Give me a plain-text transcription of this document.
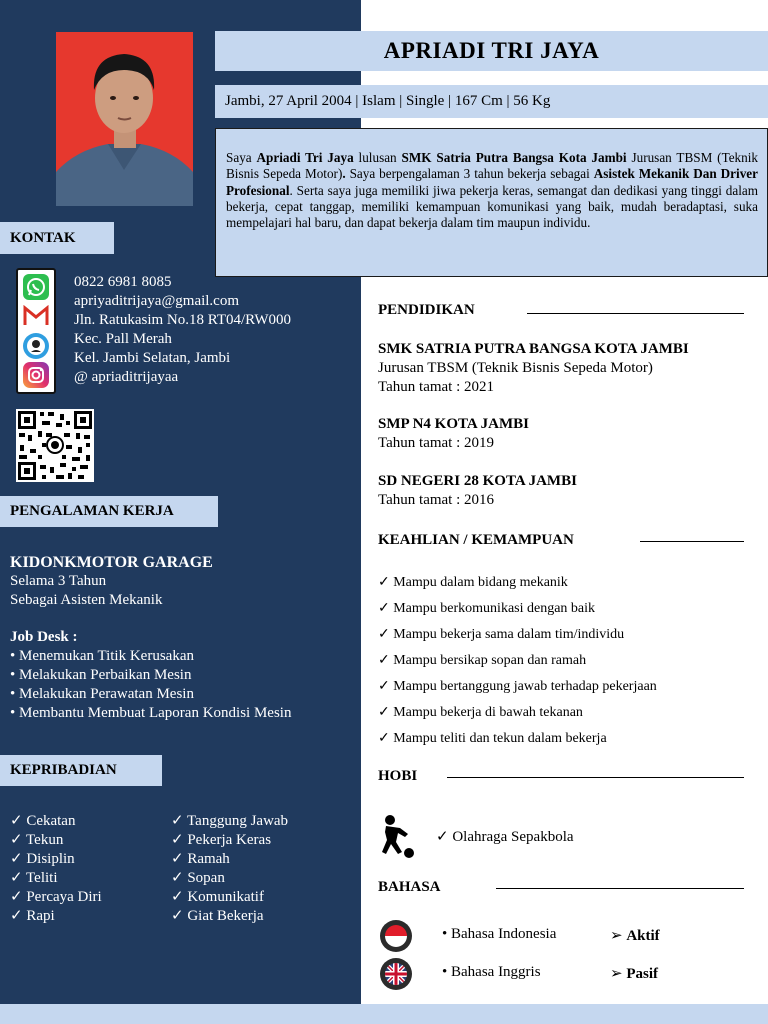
APRIADI TRI JAYA
Jambi, 27 April 2004 | Islam | Single | 167 Cm | 56 Kg
Saya Apriadi Tri Jaya lulusan SMK Satria Putra Bangsa Kota Jambi Jurusan TBSM (Teknik Bisnis Sepeda Motor). Saya berpengalaman 3 tahun bekerja sebagai Asistek Mekanik Dan Driver Profesional. Serta saya juga memiliki jiwa pekerja keras, semangat dan dedikasi yang tinggi dalam bekerja, cepat tanggap, memiliki kemampuan komunikasi yang baik, mudah beradaptasi, suka mempelajari hal baru, dan dapat bekerja dalam tim maupun individu.
KONTAK
0822 6981 8085
apriyaditrijaya@gmail.com
Jln. Ratukasim No.18 RT04/RW000
Kec. Pall Merah
Kel. Jambi Selatan, Jambi
@ apriaditrijayaa
PENGALAMAN KERJA
KIDONKMOTOR GARAGE
Selama 3 Tahun
Sebagai Asisten Mekanik
Job Desk :
• Menemukan Titik Kerusakan
• Melakukan Perbaikan Mesin
• Melakukan Perawatan Mesin
• Membantu Membuat Laporan Kondisi Mesin
KEPRIBADIAN
✓ Cekatan
✓ Tekun
✓ Disiplin
✓ Teliti
✓ Percaya Diri
✓ Rapi
✓ Tanggung Jawab
✓ Pekerja Keras
✓ Ramah
✓ Sopan
✓ Komunikatif
✓ Giat Bekerja
PENDIDIKAN
SMK SATRIA PUTRA BANGSA KOTA JAMBI
Jurusan TBSM (Teknik Bisnis Sepeda Motor)
Tahun tamat : 2021
SMP N4 KOTA JAMBI
Tahun tamat : 2019
SD NEGERI 28 KOTA JAMBI
Tahun tamat : 2016
KEAHLIAN / KEMAMPUAN
✓ Mampu dalam bidang mekanik
✓ Mampu berkomunikasi dengan baik
✓ Mampu bekerja sama dalam tim/individu
✓ Mampu bersikap sopan dan ramah
✓ Mampu bertanggung jawab terhadap pekerjaan
✓ Mampu bekerja di bawah tekanan
✓ Mampu teliti dan tekun dalam bekerja
HOBI
✓ Olahraga Sepakbola
BAHASA
• Bahasa Indonesia	➢ Aktif
• Bahasa Inggris	➢ Pasif
